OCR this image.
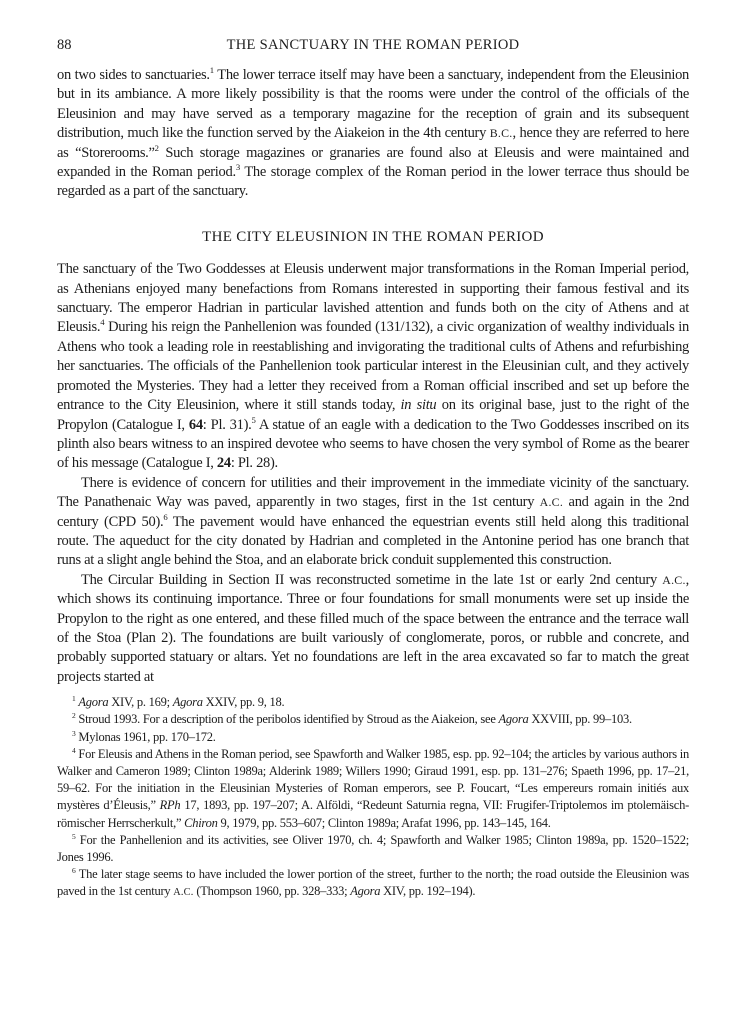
88	THE SANCTUARY IN THE ROMAN PERIOD

on two sides to sanctuaries.$^1$ The lower terrace itself may have been a sanctuary, independent from the Eleusinion but in its ambiance. A more likely possibility is that the rooms were under the control of the officials of the Eleusinion and may have served as a temporary magazine for the reception of grain and its subsequent distribution, much like the function served by the Aiakeion in the 4th century B.C., hence they are referred to here as “Storerooms.”$^2$ Such storage magazines or granaries are found also at Eleusis and were maintained and expanded in the Roman period.$^3$ The storage complex of the Roman period in the lower terrace thus should be regarded as a part of the sanctuary.

THE CITY ELEUSINION IN THE ROMAN PERIOD

The sanctuary of the Two Goddesses at Eleusis underwent major transformations in the Roman Imperial period, as Athenians enjoyed many benefactions from Romans interested in supporting their famous festival and its sanctuary. The emperor Hadrian in particular lavished attention and funds both on the city of Athens and at Eleusis.$^4$ During his reign the Panhellenion was founded (131/132), a civic organization of wealthy individuals in Athens who took a leading role in reestablishing and invigorating the traditional cults of Athens and refurbishing her sanctuaries. The officials of the Panhellenion took particular interest in the Eleusinian cult, and they actively promoted the Mysteries. They had a letter they received from a Roman official inscribed and set up before the entrance to the City Eleusinion, where it still stands today, in situ on its original base, just to the right of the Propylon (Catalogue I, 64: Pl. 31).$^5$ A statue of an eagle with a dedication to the Two Goddesses inscribed on its plinth also bears witness to an inspired devotee who seems to have chosen the very symbol of Rome as the bearer of his message (Catalogue I, 24: Pl. 28).

There is evidence of concern for utilities and their improvement in the immediate vicinity of the sanctuary. The Panathenaic Way was paved, apparently in two stages, first in the 1st century A.C. and again in the 2nd century (CPD 50).$^6$ The pavement would have enhanced the equestrian events still held along this traditional route. The aqueduct for the city donated by Hadrian and completed in the Antonine period has one branch that runs at a slight angle behind the Stoa, and an elaborate brick conduit supplemented this construction.

The Circular Building in Section II was reconstructed sometime in the late 1st or early 2nd century A.C., which shows its continuing importance. Three or four foundations for small monuments were set up inside the Propylon to the right as one entered, and these filled much of the space between the entrance and the terrace wall of the Stoa (Plan 2). The foundations are built variously of conglomerate, poros, or rubble and concrete, and probably supported statuary or altars. Yet no foundations are left in the area excavated so far to match the great projects started at

$^1$ Agora XIV, p. 169; Agora XXIV, pp. 9, 18.

$^2$ Stroud 1993. For a description of the peribolos identified by Stroud as the Aiakeion, see Agora XXVIII, pp. 99–103.

$^3$ Mylonas 1961, pp. 170–172.

$^4$ For Eleusis and Athens in the Roman period, see Spawforth and Walker 1985, esp. pp. 92–104; the articles by various authors in Walker and Cameron 1989; Clinton 1989a; Alderink 1989; Willers 1990; Giraud 1991, esp. pp. 131–276; Spaeth 1996, pp. 17–21, 59–62. For the initiation in the Eleusinian Mysteries of Roman emperors, see P. Foucart, “Les empereurs romain initiés aux mystères d’Éleusis,” RPh 17, 1893, pp. 197–207; A. Alföldi, “Redeunt Saturnia regna, VII: Frugifer-Triptolemos im ptolemäisch-römischer Herrscherkult,” Chiron 9, 1979, pp. 553–607; Clinton 1989a; Arafat 1996, pp. 143–145, 164.

$^5$ For the Panhellenion and its activities, see Oliver 1970, ch. 4; Spawforth and Walker 1985; Clinton 1989a, pp. 1520–1522; Jones 1996.

$^6$ The later stage seems to have included the lower portion of the street, further to the north; the road outside the Eleusinion was paved in the 1st century A.C. (Thompson 1960, pp. 328–333; Agora XIV, pp. 192–194).
